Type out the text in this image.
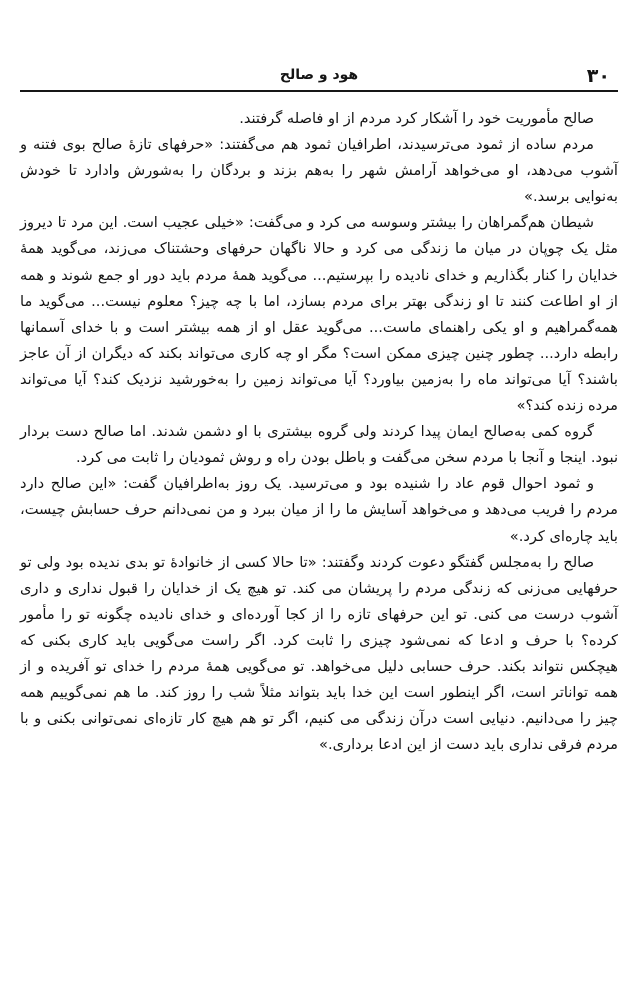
۳۰
هود و صالح

صالح مأموریت خود را آشکار کرد مردم از او فاصله گرفتند.

مردم ساده از ثمود می‌ترسیدند، اطرافیان ثمود هم می‌گفتند: «حرفهای تازهٔ صالح بوی فتنه و آشوب می‌دهد، او می‌خواهد آرامش شهر را به‌هم بزند و بردگان را به‌شورش وادارد تا خودش به‌نوایی برسد.»

شیطان هم‌گمراهان را بیشتر وسوسه می کرد و می‌گفت: «خیلی عجیب است. این مرد تا دیروز مثل یک چوپان در میان ما زندگی می کرد و حالا ناگهان حرفهای وحشتناک می‌زند، می‌گوید همهٔ خدایان را کنار بگذاریم و خدای نادیده را بپرستیم... می‌گوید همهٔ مردم باید دور او جمع شوند و همه از او اطاعت کنند تا او زندگی بهتر برای مردم بسازد، اما با چه چیز؟ معلوم نیست... می‌گوید ما همه‌گمراهیم و او یکی راهنمای ماست... می‌گوید عقل او از همه بیشتر است و با خدای آسمانها رابطه دارد... چطور چنین چیزی ممکن است؟ مگر او چه کاری می‌تواند بکند که دیگران از آن عاجز باشند؟ آیا می‌تواند ماه را به‌زمین بیاورد؟ آیا می‌تواند زمین را به‌خورشید نزدیک کند؟ آیا می‌تواند مرده زنده کند؟»

گروه کمی به‌صالح ایمان پیدا کردند ولی گروه بیشتری با او دشمن شدند. اما صالح دست بردار نبود. اینجا و آنجا با مردم سخن می‌گفت و باطل بودن راه و روش ثمودیان را ثابت می کرد.

و ثمود احوال قوم عاد را شنیده بود و می‌ترسید. یک روز به‌اطرافیان گفت: «این صالح دارد مردم را فریب می‌دهد و می‌خواهد آسایش ما را از میان ببرد و من نمی‌دانم حرف حسابش چیست، باید چاره‌ای کرد.»

صالح را به‌مجلس گفتگو دعوت کردند وگفتند: «تا حالا کسی از خانوادهٔ تو بدی ندیده بود ولی تو حرفهایی می‌زنی که زندگی مردم را پریشان می کند. تو هیچ یک از خدایان را قبول نداری و داری آشوب درست می کنی. تو این حرفهای تازه را از کجا آورده‌ای و خدای نادیده چگونه تو را مأمور کرده؟ با حرف و ادعا که نمی‌شود چیزی را ثابت کرد. اگر راست می‌گویی باید کاری بکنی که هیچکس نتواند بکند. حرف حسابی دلیل می‌خواهد. تو می‌گویی همهٔ مردم را خدای تو آفریده و از همه تواناتر است، اگر اینطور است این خدا باید بتواند مثلاً شب را روز کند. ما هم نمی‌گوییم همه چیز را می‌دانیم. دنیایی است درآن زندگی می کنیم، اگر تو هم هیچ کار تازه‌ای نمی‌توانی بکنی و با مردم فرقی نداری باید دست از این ادعا برداری.»
